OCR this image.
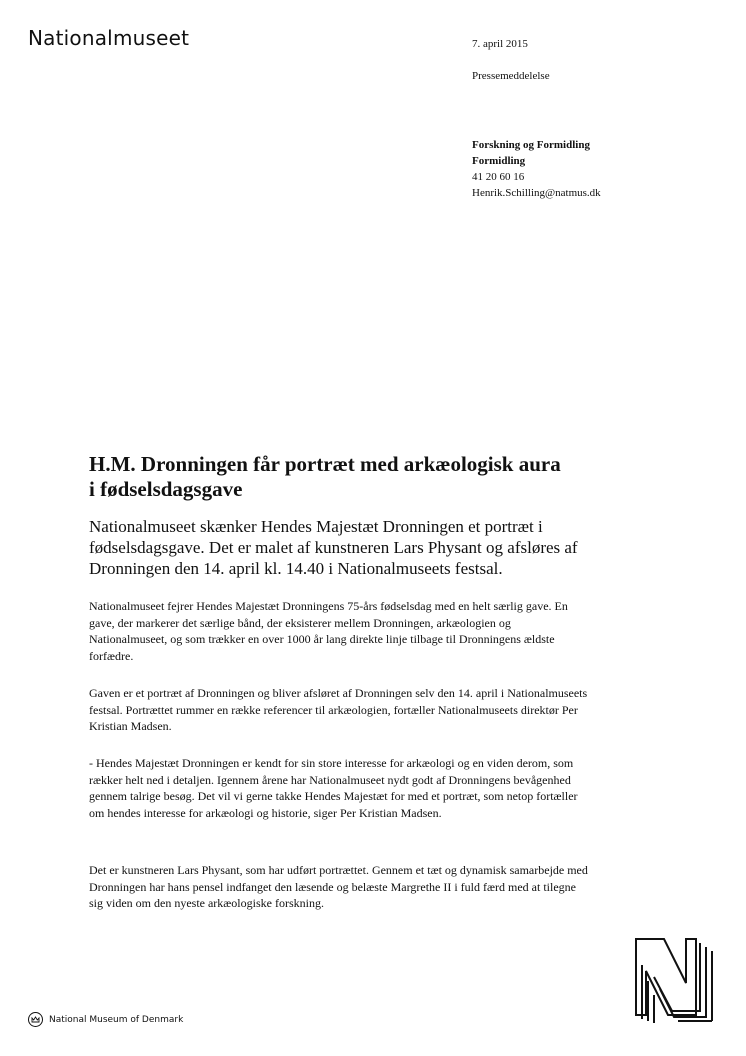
Nationalmuseet	7. april 2015
Pressemeddelelse
Forskning og Formidling
Formidling
41 20 60 16
Henrik.Schilling@natmus.dk
H.M. Dronningen får portræt med arkæologisk aura i fødselsdagsgave

Nationalmuseet skænker Hendes Majestæt Dronningen et portræt i fødselsdagsgave. Det er malet af kunstneren Lars Physant og afsløres af Dronningen den 14. april kl. 14.40 i Nationalmuseets festsal.

Nationalmuseet fejrer Hendes Majestæt Dronningens 75-års fødselsdag med en helt særlig gave. En gave, der markerer det særlige bånd, der eksisterer mellem Dronningen, arkæologien og Nationalmuseet, og som trækker en over 1000 år lang direkte linje tilbage til Dronningens ældste forfædre.

Gaven er et portræt af Dronningen og bliver afsløret af Dronningen selv den 14. april i Nationalmuseets festsal. Portrættet rummer en række referencer til arkæologien, fortæller Nationalmuseets direktør Per Kristian Madsen.

- Hendes Majestæt Dronningen er kendt for sin store interesse for arkæologi og en viden derom, som rækker helt ned i detaljen. Igennem årene har Nationalmuseet nydt godt af Dronningens bevågenhed gennem talrige besøg. Det vil vi gerne takke Hendes Majestæt for med et portræt, som netop fortæller om hendes interesse for arkæologi og historie, siger Per Kristian Madsen.

Det er kunstneren Lars Physant, som har udført portrættet. Gennem et tæt og dynamisk samarbejde med Dronningen har hans pensel indfanget den læsende og belæste Margrethe II i fuld færd med at tilegne sig viden om den nyeste arkæologiske forskning.

National Museum of Denmark
